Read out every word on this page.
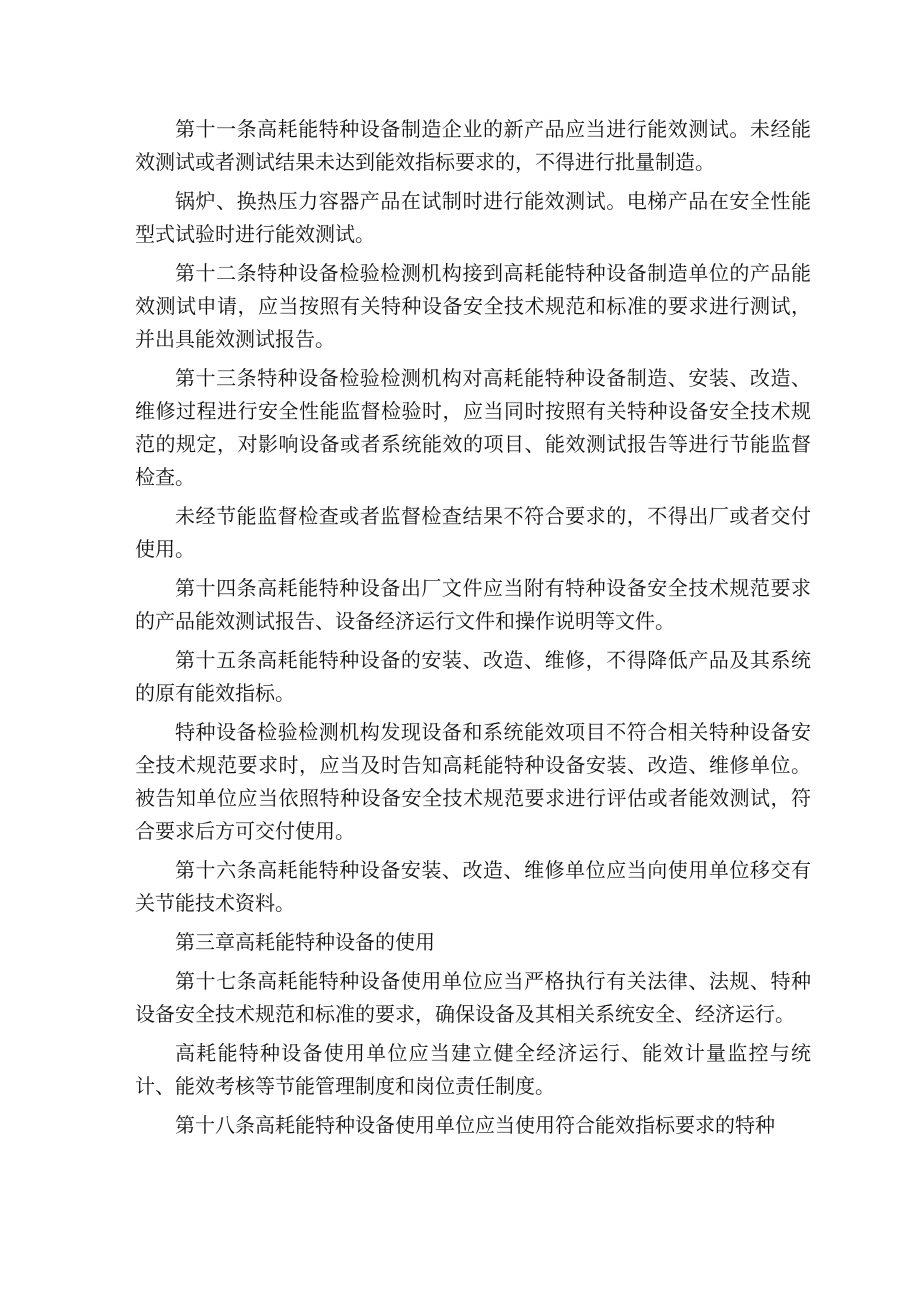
第十一条高耗能特种设备制造企业的新产品应当进行能效测试。未经能效测试或者测试结果未达到能效指标要求的，不得进行批量制造。

锅炉、换热压力容器产品在试制时进行能效测试。电梯产品在安全性能型式试验时进行能效测试。

第十二条特种设备检验检测机构接到高耗能特种设备制造单位的产品能效测试申请，应当按照有关特种设备安全技术规范和标准的要求进行测试，并出具能效测试报告。

第十三条特种设备检验检测机构对高耗能特种设备制造、安装、改造、维修过程进行安全性能监督检验时，应当同时按照有关特种设备安全技术规范的规定，对影响设备或者系统能效的项目、能效测试报告等进行节能监督检查。

未经节能监督检查或者监督检查结果不符合要求的，不得出厂或者交付使用。

第十四条高耗能特种设备出厂文件应当附有特种设备安全技术规范要求的产品能效测试报告、设备经济运行文件和操作说明等文件。

第十五条高耗能特种设备的安装、改造、维修，不得降低产品及其系统的原有能效指标。

特种设备检验检测机构发现设备和系统能效项目不符合相关特种设备安全技术规范要求时，应当及时告知高耗能特种设备安装、改造、维修单位。被告知单位应当依照特种设备安全技术规范要求进行评估或者能效测试，符合要求后方可交付使用。

第十六条高耗能特种设备安装、改造、维修单位应当向使用单位移交有关节能技术资料。

第三章高耗能特种设备的使用

第十七条高耗能特种设备使用单位应当严格执行有关法律、法规、特种设备安全技术规范和标准的要求，确保设备及其相关系统安全、经济运行。

高耗能特种设备使用单位应当建立健全经济运行、能效计量监控与统计、能效考核等节能管理制度和岗位责任制度。

第十八条高耗能特种设备使用单位应当使用符合能效指标要求的特种
